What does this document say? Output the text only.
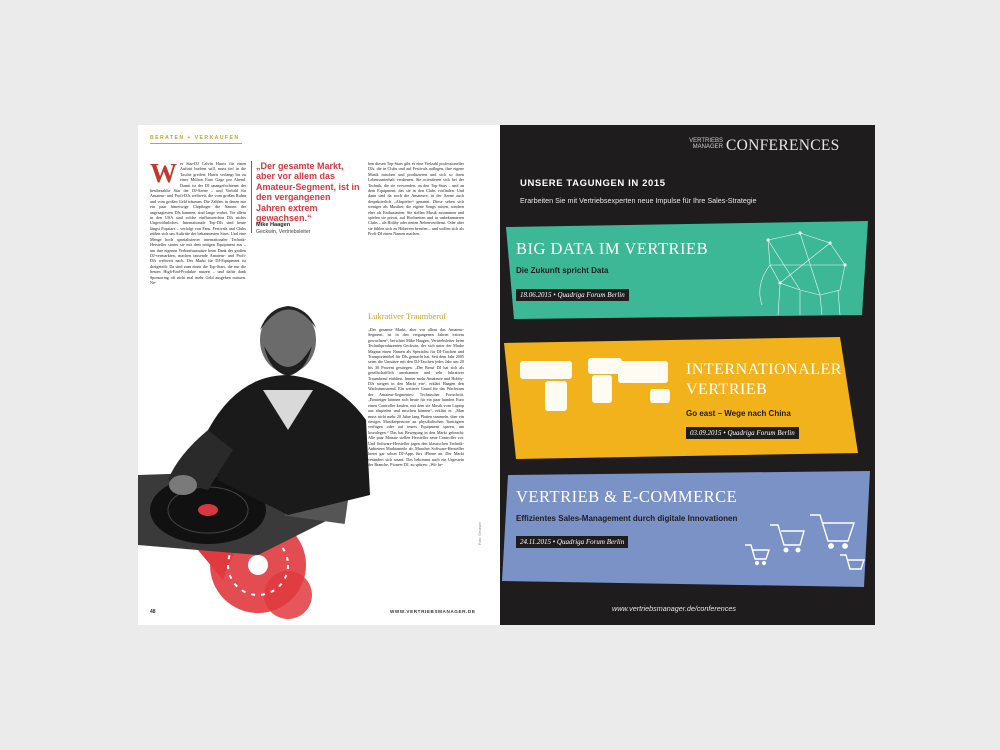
BERATEN + VERKAUFEN
Wer Star-DJ Calvin Harris für einen Auftritt buchen will, muss tief in die Tasche greifen: Harris verlangt bis zu einer Million Euro Gage pro Abend. Damit ist der DJ unangefochtener der bestbezahlte Star der DJ-Szene – und Vorbild für Amateur- und Profi-DJs weltweit, die vom großen Ruhm und vom großen Geld träumen. Die Zahlen, in denen nur ein paar hinreiwige Chipfinger die Namen der angesagtesten DJs kannten, sind lange vorbei. Vor allem in den USA sind solche einflussreichen DJs nichts Ungewöhnliches. Internationale Top-DJs sind heute längst Popstars – verfolgt von Fans. Festivals und Clubs reißen sich um Auftritte der bekanntesten Stars. Und eine Menge hoch spezialisierter internationaler Technik-Hersteller startet sie mit dem nötigen Equipment aus – um ihre eigenen Verkaufsumsätze beim Dank der großen DJ-vermarkten, machen tausende Amateur- und Profi-DJs weltweit nach. Der Markt für DJ-Equipment ist dreigeteilt: Da sind zum einen die Top-Stars, die nur die besten High-End-Produkte nutzen – und dafür dank Sponsoring oft nicht mal mehr Geld ausgeben müssen. Ne-
„Der gesamte Markt, aber vor allem das Amateur-Segment, ist in den vergangenen Jahren extrem gewachsen.“
Mike Haagen
Geckwin, Vertriebsleiter
ben diesen Top-Stars gibt es eine Vielzahl professioneller DJs, die in Clubs und auf Festivals auflegen, ihre eigene Musik mischen und produzieren und sich so ihren Lebensunterhalt verdienen. Sie orientieren sich bei der Technik, die sie verwenden, an den Top-Stars – und an dem Equipment, das sie in den Clubs vorfinden. Und dann sind da noch die Amateure, in der Szene auch despektierlich „Abspieler“ genannt. Diese sehen sich weniger als Musiker, die eigene Songs mixen, sondern eher als Enthusiasten: Sie stellen Musik zusammen und spielen sie privat, auf Hochzeiten und in unbekannteren Clubs – als Hobby oder netten Nebenverdienst. Oder aber sie fühlen sich zu Höherem berufen – und wollen sich als Profi-DJ einen Namen machen.
Lukrativer Traumberuf
„Der gesamte Markt, aber vor allem das Amateur-Segment, ist in den vergangenen Jahren extrem gewachsen“, berichtet Mike Haagen, Vertriebsleiter beim Technikproduzenten Geckwin, der sich unter der Marke Magma einen Namen als Spezialist für DJ-Taschen und Transportmöbel für DJs gemacht hat. Seit dem Jahr 2005 seien die Umsätze mit den DJ-Taschen jedes Jahr um 20 bis 30 Prozent gestiegen. „Der Beruf DJ hat sich als gesellschaftlich anerkannter und sehr lukrativer Traumberuf etabliert. Immer mehr Amateure und Hobby-DJs steigen in den Markt ein“, erklärt Haagen den Wachstumstrend. Ein weiterer Grund für das Wachstum der Amateur-Segmentes: Technischer Fortschritt. „Einsteiger können sich heute für ein paar hundert Euro einen Controller kaufen, mit dem sie Musik vom Laptop aus abspielen und mischen können“, erklärt er. „Man muss nicht mehr 20 Jahre lang Platten sammeln, über ein riesiges Musikrepertoire an physikalischen Tonträgern verfügen oder auf teures Equipment sparen, um loszulegen.“ Das hat Bewegung in den Markt gebracht: Alle paar Monate stellen Hersteller neue Controller vor. Und Software-Hersteller jagen den klassischen Technik-Anbietern Marktanteile ab. Mancher Software-Hersteller bietet gar schon DJ-Apps fürs iPhone an. Der Markt verändert sich rasant. Das bekommt auch ein Urgestein der Branche, Pioneer DJ, zu spüren: „Wir be-
Foto: Geckwin
48	WWW.VERTRIEBSMANAGER.DE
VERTRIEBS
MANAGER CONFERENCES
UNSERE TAGUNGEN IN 2015
Erarbeiten Sie mit Vertriebsexperten neue Impulse für Ihre Sales-Strategie
BIG DATA IM VERTRIEB
Die Zukunft spricht Data
18.06.2015 • Quadriga Forum Berlin
INTERNATIONALER
VERTRIEB
Go east – Wege nach China
03.09.2015 • Quadriga Forum Berlin
VERTRIEB & E-COMMERCE
Effizientes Sales-Management durch digitale Innovationen
24.11.2015 • Quadriga Forum Berlin
www.vertriebsmanager.de/conferences
